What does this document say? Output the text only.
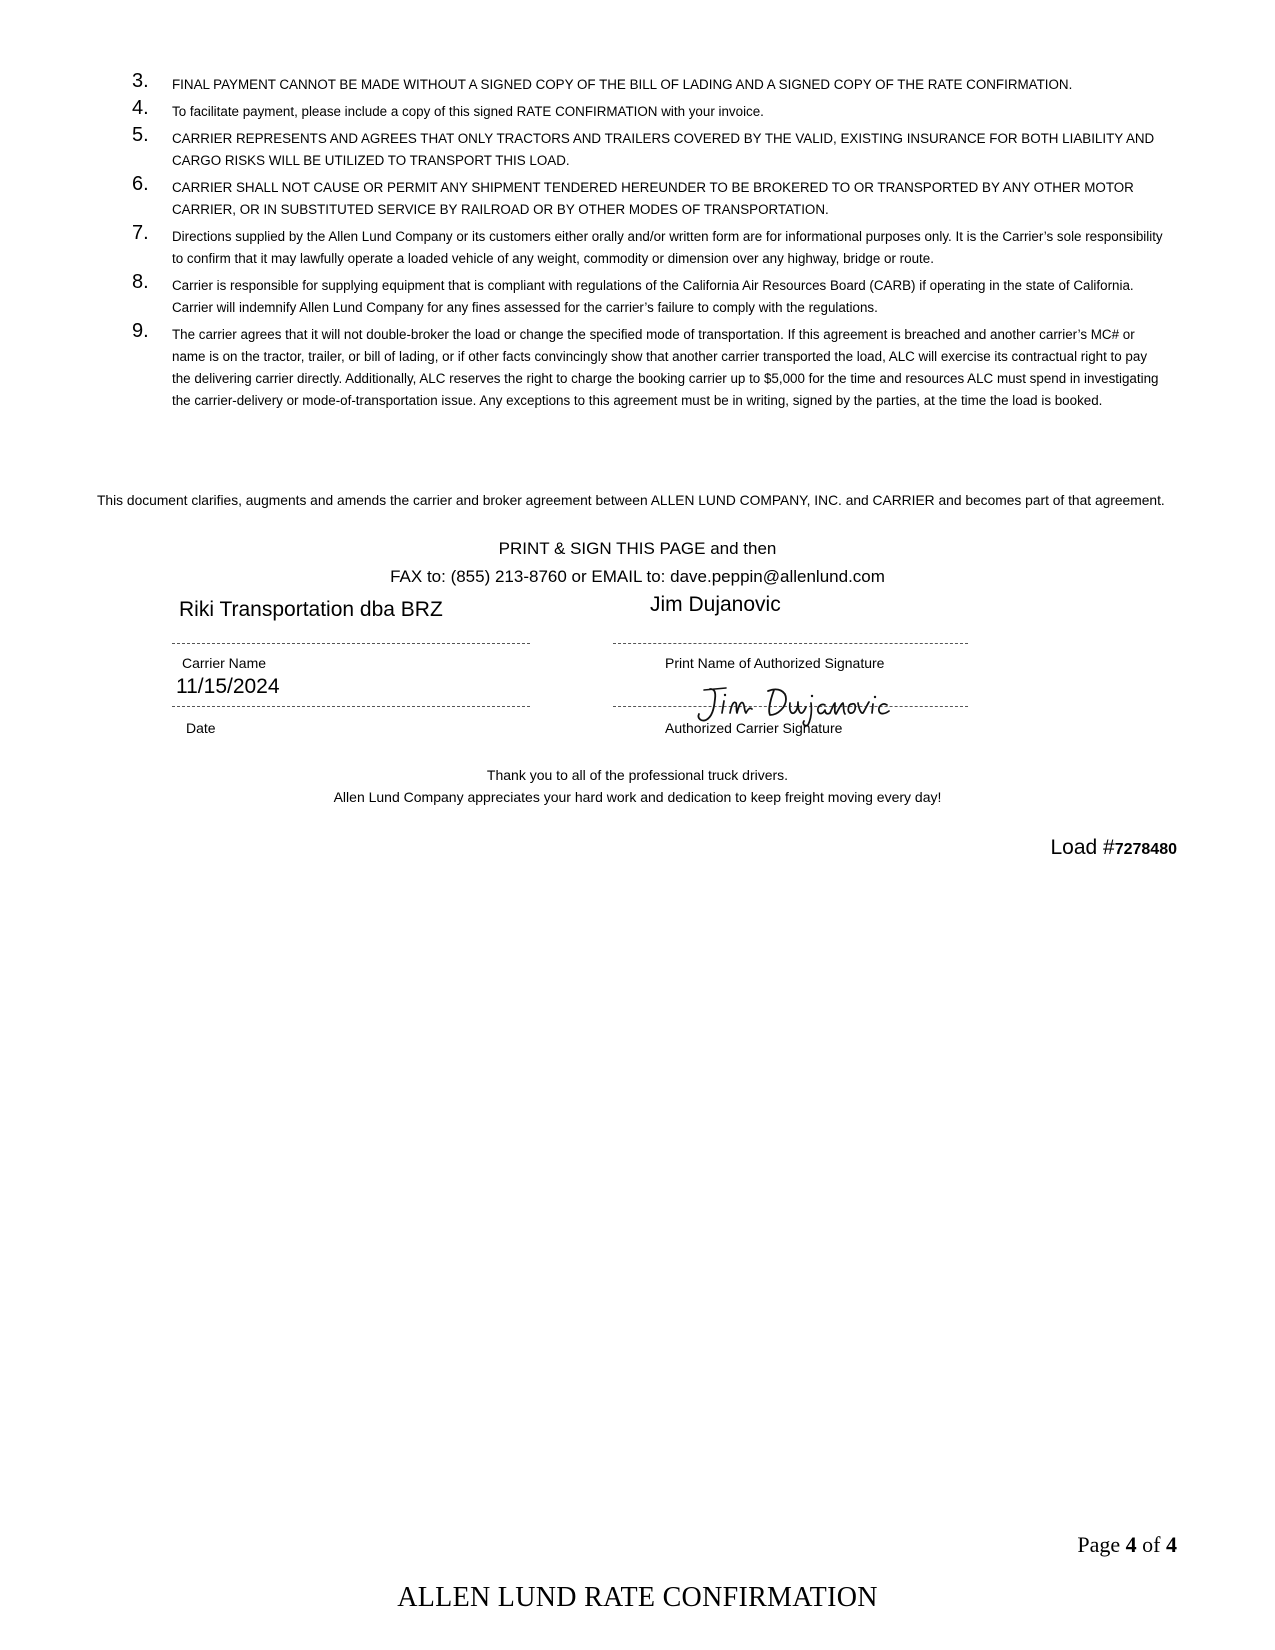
3. FINAL PAYMENT CANNOT BE MADE WITHOUT A SIGNED COPY OF THE BILL OF LADING AND A SIGNED COPY OF THE RATE CONFIRMATION.
4. To facilitate payment, please include a copy of this signed RATE CONFIRMATION with your invoice.
5. CARRIER REPRESENTS AND AGREES THAT ONLY TRACTORS AND TRAILERS COVERED BY THE VALID, EXISTING INSURANCE FOR BOTH LIABILITY AND CARGO RISKS WILL BE UTILIZED TO TRANSPORT THIS LOAD.
6. CARRIER SHALL NOT CAUSE OR PERMIT ANY SHIPMENT TENDERED HEREUNDER TO BE BROKERED TO OR TRANSPORTED BY ANY OTHER MOTOR CARRIER, OR IN SUBSTITUTED SERVICE BY RAILROAD OR BY OTHER MODES OF TRANSPORTATION.
7. Directions supplied by the Allen Lund Company or its customers either orally and/or written form are for informational purposes only. It is the Carrier’s sole responsibility to confirm that it may lawfully operate a loaded vehicle of any weight, commodity or dimension over any highway, bridge or route.
8. Carrier is responsible for supplying equipment that is compliant with regulations of the California Air Resources Board (CARB) if operating in the state of California. Carrier will indemnify Allen Lund Company for any fines assessed for the carrier’s failure to comply with the regulations.
9. The carrier agrees that it will not double-broker the load or change the specified mode of transportation. If this agreement is breached and another carrier’s MC# or name is on the tractor, trailer, or bill of lading, or if other facts convincingly show that another carrier transported the load, ALC will exercise its contractual right to pay the delivering carrier directly. Additionally, ALC reserves the right to charge the booking carrier up to $5,000 for the time and resources ALC must spend in investigating the carrier-delivery or mode-of-transportation issue. Any exceptions to this agreement must be in writing, signed by the parties, at the time the load is booked.
This document clarifies, augments and amends the carrier and broker agreement between ALLEN LUND COMPANY, INC. and CARRIER and becomes part of that agreement.
PRINT & SIGN THIS PAGE and then
FAX to: (855) 213-8760 or EMAIL to: dave.peppin@allenlund.com
Riki Transportation dba BRZ
Carrier Name
Jim Dujanovic
Print Name of Authorized Signature
11/15/2024
Date	Authorized Carrier Signature
Thank you to all of the professional truck drivers.
Allen Lund Company appreciates your hard work and dedication to keep freight moving every day!
Load #7278480
Page 4 of 4
ALLEN LUND RATE CONFIRMATION
